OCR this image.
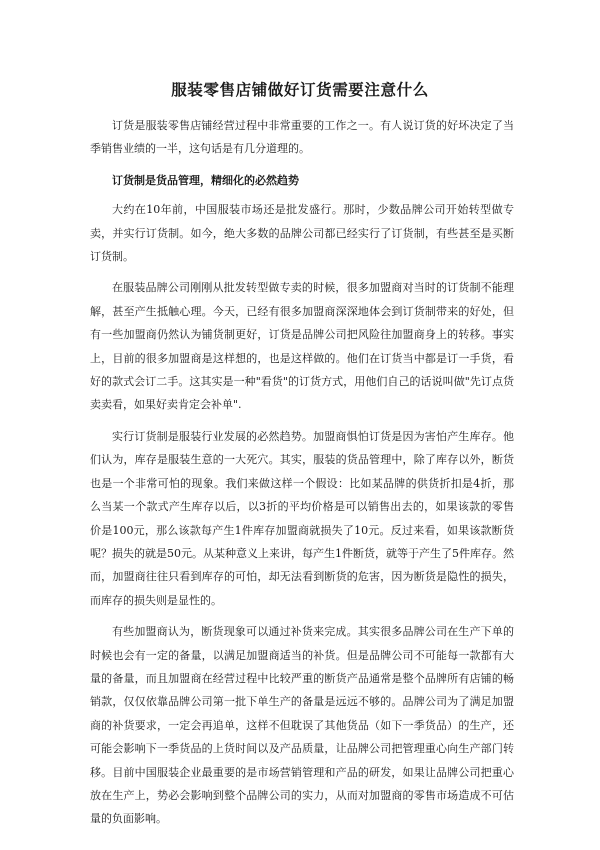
服装零售店铺做好订货需要注意什么

订货是服装零售店铺经营过程中非常重要的工作之一。有人说订货的好坏决定了当季销售业绩的一半，这句话是有几分道理的。

订货制是货品管理，精细化的必然趋势

大约在10年前，中国服装市场还是批发盛行。那时，少数品牌公司开始转型做专卖，并实行订货制。如今，绝大多数的品牌公司都已经实行了订货制，有些甚至是买断订货制。

在服装品牌公司刚刚从批发转型做专卖的时候，很多加盟商对当时的订货制不能理解，甚至产生抵触心理。今天，已经有很多加盟商深深地体会到订货制带来的好处，但有一些加盟商仍然认为铺货制更好，订货是品牌公司把风险往加盟商身上的转移。事实上，目前的很多加盟商是这样想的，也是这样做的。他们在订货当中都是订一手货，看好的款式会订二手。这其实是一种"看货"的订货方式，用他们自己的话说叫做"先订点货卖卖看，如果好卖肯定会补单".

实行订货制是服装行业发展的必然趋势。加盟商惧怕订货是因为害怕产生库存。他们认为，库存是服装生意的一大死穴。其实，服装的货品管理中，除了库存以外，断货也是一个非常可怕的现象。我们来做这样一个假设：比如某品牌的供货折扣是4折，那么当某一个款式产生库存以后，以3折的平均价格是可以销售出去的，如果该款的零售价是100元，那么该款每产生1件库存加盟商就损失了10元。反过来看，如果该款断货呢？损失的就是50元。从某种意义上来讲，每产生1件断货，就等于产生了5件库存。然而，加盟商往往只看到库存的可怕，却无法看到断货的危害，因为断货是隐性的损失，而库存的损失则是显性的。

有些加盟商认为，断货现象可以通过补货来完成。其实很多品牌公司在生产下单的时候也会有一定的备量，以满足加盟商适当的补货。但是品牌公司不可能每一款都有大量的备量，而且加盟商在经营过程中比较严重的断货产品通常是整个品牌所有店铺的畅销款，仅仅依靠品牌公司第一批下单生产的备量是远远不够的。品牌公司为了满足加盟商的补货要求，一定会再追单，这样不但耽误了其他货品（如下一季货品）的生产，还可能会影响下一季货品的上货时间以及产品质量，让品牌公司把管理重心向生产部门转移。目前中国服装企业最重要的是市场营销管理和产品的研发，如果让品牌公司把重心放在生产上，势必会影响到整个品牌公司的实力，从而对加盟商的零售市场造成不可估量的负面影响。
